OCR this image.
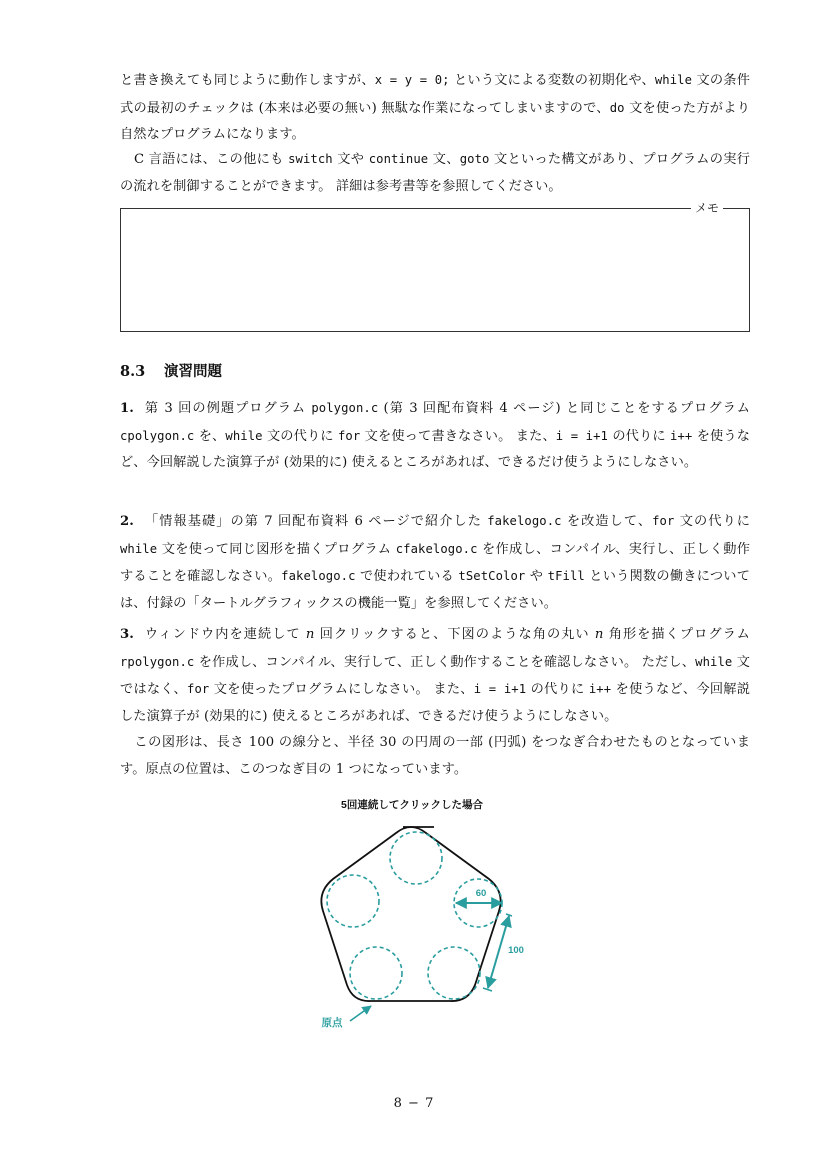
と書き換えても同じように動作しますが、x = y = 0; という文による変数の初期化や、while 文の条件式の最初のチェックは (本来は必要の無い) 無駄な作業になってしまいますので、do 文を使った方がより自然なプログラムになります。
C 言語には、この他にも switch 文や continue 文、goto 文といった構文があり、プログラムの実行の流れを制御することができます。 詳細は参考書等を参照してください。
メモ
8.3 演習問題
1. 第 3 回の例題プログラム polygon.c (第 3 回配布資料 4 ページ) と同じことをするプログラム cpolygon.c を、while 文の代りに for 文を使って書きなさい。 また、i = i+1 の代りに i++ を使うなど、今回解説した演算子が (効果的に) 使えるところがあれば、できるだけ使うようにしなさい。
2. 「情報基礎」の第 7 回配布資料 6 ページで紹介した fakelogo.c を改造して、for 文の代りに while 文を使って同じ図形を描くプログラム cfakelogo.c を作成し、コンパイル、実行し、正しく動作することを確認しなさい。fakelogo.c で使われている tSetColor や tFill という関数の働きについては、付録の「タートルグラフィックスの機能一覧」を参照してください。
3. ウィンドウ内を連続して n 回クリックすると、下図のような角の丸い n 角形を描くプログラム rpolygon.c を作成し、コンパイル、実行して、正しく動作することを確認しなさい。 ただし、while 文ではなく、for 文を使ったプログラムにしなさい。 また、i = i+1 の代りに i++ を使うなど、今回解説した演算子が (効果的に) 使えるところがあれば、できるだけ使うようにしなさい。
この図形は、長さ 100 の線分と、半径 30 の円周の一部 (円弧) をつなぎ合わせたものとなっています。原点の位置は、このつなぎ目の 1 つになっています。
5回連続してクリックした場合
60
100
原点
8 − 7
